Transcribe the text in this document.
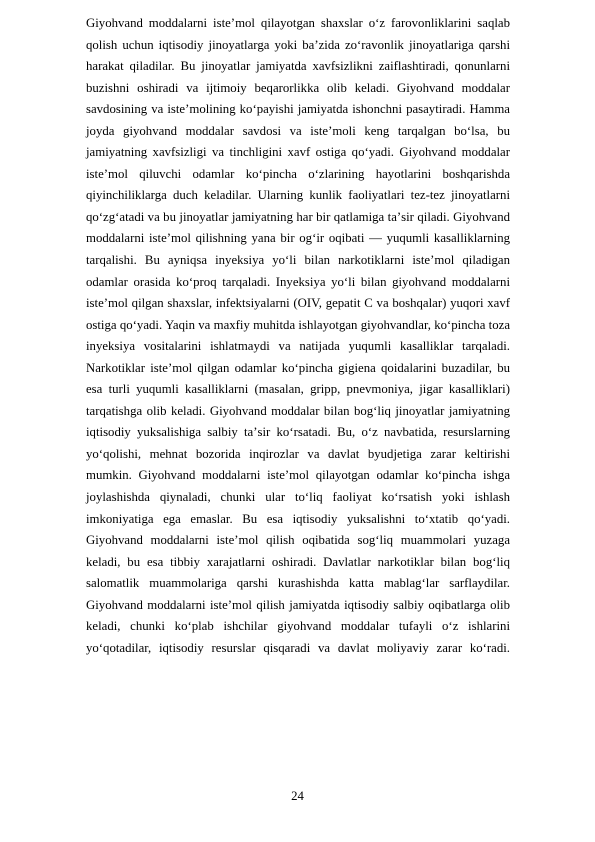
Giyohvand moddalarni isteʼmol qilayotgan shaxslar oʻz farovonliklarini saqlab qolish uchun iqtisodiy jinoyatlarga yoki baʼzida zoʻravonlik jinoyatlariga qarshi harakat qiladilar. Bu jinoyatlar jamiyatda xavfsizlikni zaiflashtiradi, qonunlarni buzishni oshiradi va ijtimoiy beqarorlikka olib keladi. Giyohvand moddalar savdosining va isteʼmolining koʻpayishi jamiyatda ishonchni pasaytiradi. Hamma joyda giyohvand moddalar savdosi va isteʼmoli keng tarqalgan boʻlsa, bu jamiyatning xavfsizligi va tinchligini xavf ostiga qoʻyadi. Giyohvand moddalar isteʼmol qiluvchi odamlar koʻpincha oʻzlarining hayotlarini boshqarishda qiyinchiliklarga duch keladilar. Ularning kunlik faoliyatlari tez-tez jinoyatlarni qoʻzgʻatadi va bu jinoyatlar jamiyatning har bir qatlamiga taʼsir qiladi. Giyohvand moddalarni isteʼmol qilishning yana bir ogʻir oqibati — yuqumli kasalliklarning tarqalishi. Bu ayniqsa inyeksiya yoʻli bilan narkotiklarni isteʼmol qiladigan odamlar orasida koʻproq tarqaladi. Inyeksiya yoʻli bilan giyohvand moddalarni isteʼmol qilgan shaxslar, infektsiyalarni (OIV, gepatit C va boshqalar) yuqori xavf ostiga qoʻyadi. Yaqin va maxfiy muhitda ishlayotgan giyohvandlar, koʻpincha toza inyeksiya vositalarini ishlatmaydi va natijada yuqumli kasalliklar tarqaladi. Narkotiklar isteʼmol qilgan odamlar koʻpincha gigiena qoidalarini buzadilar, bu esa turli yuqumli kasalliklarni (masalan, gripp, pnevmoniya, jigar kasalliklari) tarqatishga olib keladi. Giyohvand moddalar bilan bogʻliq jinoyatlar jamiyatning iqtisodiy yuksalishiga salbiy taʼsir koʻrsatadi. Bu, oʻz navbatida, resurslarning yoʻqolishi, mehnat bozorida inqirozlar va davlat byudjetiga zarar keltirishi mumkin. Giyohvand moddalarni isteʼmol qilayotgan odamlar koʻpincha ishga joylashishda qiynaladi, chunki ular toʻliq faoliyat koʻrsatish yoki ishlash imkoniyatiga ega emaslar. Bu esa iqtisodiy yuksalishni toʻxtatib qoʻyadi. Giyohvand moddalarni isteʼmol qilish oqibatida sogʻliq muammolari yuzaga keladi, bu esa tibbiy xarajatlarni oshiradi. Davlatlar narkotiklar bilan bogʻliq salomatlik muammolariga qarshi kurashishda katta mablagʻlar sarflaydilar. Giyohvand moddalarni isteʼmol qilish jamiyatda iqtisodiy salbiy oqibatlarga olib keladi, chunki koʻplab ishchilar giyohvand moddalar tufayli oʻz ishlarini yoʻqotadilar, iqtisodiy resurslar qisqaradi va davlat moliyaviy zarar koʻradi.

24
